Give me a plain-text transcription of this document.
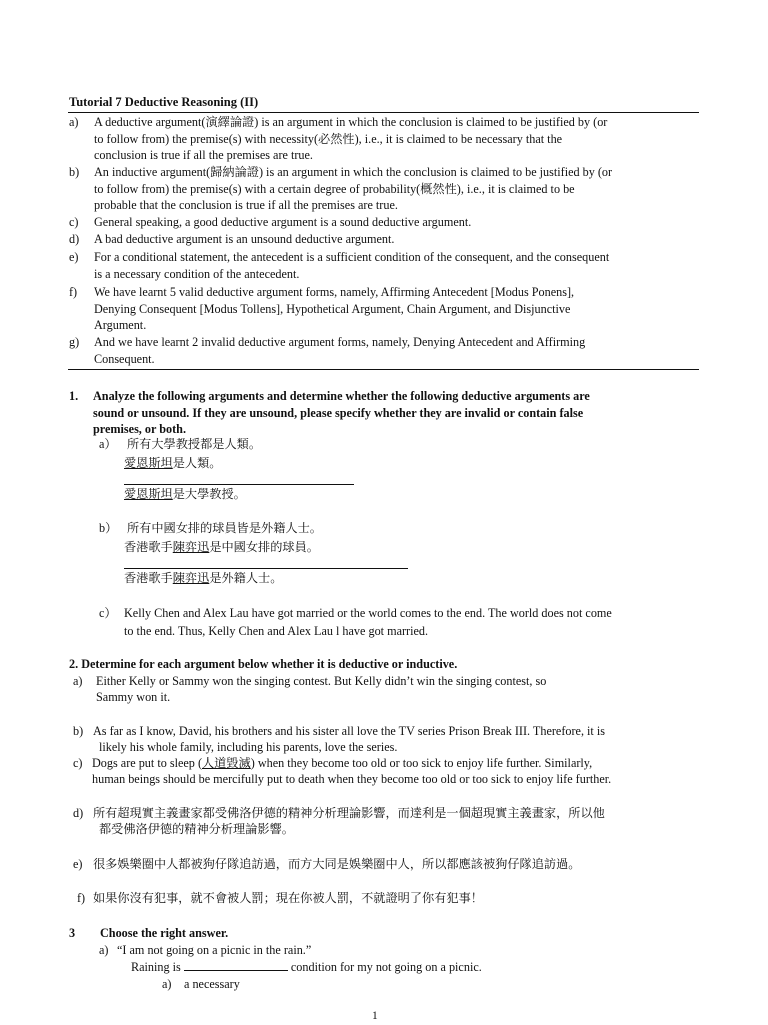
Tutorial 7 Deductive Reasoning (II)
a)	A deductive argument(演繹論證) is an argument in which the conclusion is claimed to be justified by (or
to follow from) the premise(s) with necessity(必然性), i.e., it is claimed to be necessary that the
conclusion is true if all the premises are true.
b)	An inductive argument(歸納論證) is an argument in which the conclusion is claimed to be justified by (or
to follow from) the premise(s) with a certain degree of probability(概然性), i.e., it is claimed to be
probable that the conclusion is true if all the premises are true.
c)	General speaking, a good deductive argument is a sound deductive argument.
d)	A bad deductive argument is an unsound deductive argument.
e)	For a conditional statement, the antecedent is a sufficient condition of the consequent, and the consequent
is a necessary condition of the antecedent.
f)	We have learnt 5 valid deductive argument forms, namely, Affirming Antecedent [Modus Ponens],
Denying Consequent [Modus Tollens], Hypothetical Argument, Chain Argument, and Disjunctive
Argument.
g)	And we have learnt 2 invalid deductive argument forms, namely, Denying Antecedent and Affirming
Consequent.
1.	Analyze the following arguments and determine whether the following deductive arguments are
sound or unsound. If they are unsound, please specify whether they are invalid or contain false
premises, or both.
a） 所有大學教授都是人類。
愛恩斯坦是人類。
愛恩斯坦是大學教授。
b） 所有中國女排的球員皆是外籍人士。
香港歌手陳弈迅是中國女排的球員。
香港歌手陳弈迅是外籍人士。
c） Kelly Chen and Alex Lau have got married or the world comes to the end. The world does not come
to the end. Thus, Kelly Chen and Alex Lau l have got married.
2. Determine for each argument below whether it is deductive or inductive.
a)	Either Kelly or Sammy won the singing contest. But Kelly didn’t win the singing contest, so
Sammy won it.
b) As far as I know, David, his brothers and his sister all love the TV series Prison Break III. Therefore, it is
likely his whole family, including his parents, love the series.
c) Dogs are put to sleep (人道毀滅) when they become too old or too sick to enjoy life further. Similarly,
human beings should be mercifully put to death when they become too old or too sick to enjoy life further.
d) 所有超現實主義畫家都受佛洛伊德的精神分析理論影響，而達利是一個超現實主義畫家，所以他
都受佛洛伊德的精神分析理論影響。
e) 很多娛樂圈中人都被狗仔隊追訪過，而方大同是娛樂圈中人，所以都應該被狗仔隊追訪過。
f) 如果你沒有犯事，就不會被人罰；現在你被人罰，不就證明了你有犯事！
3 Choose the right answer.
a) “I am not going on a picnic in the rain.”
Raining is	condition for my not going on a picnic.
a)	a necessary
1
